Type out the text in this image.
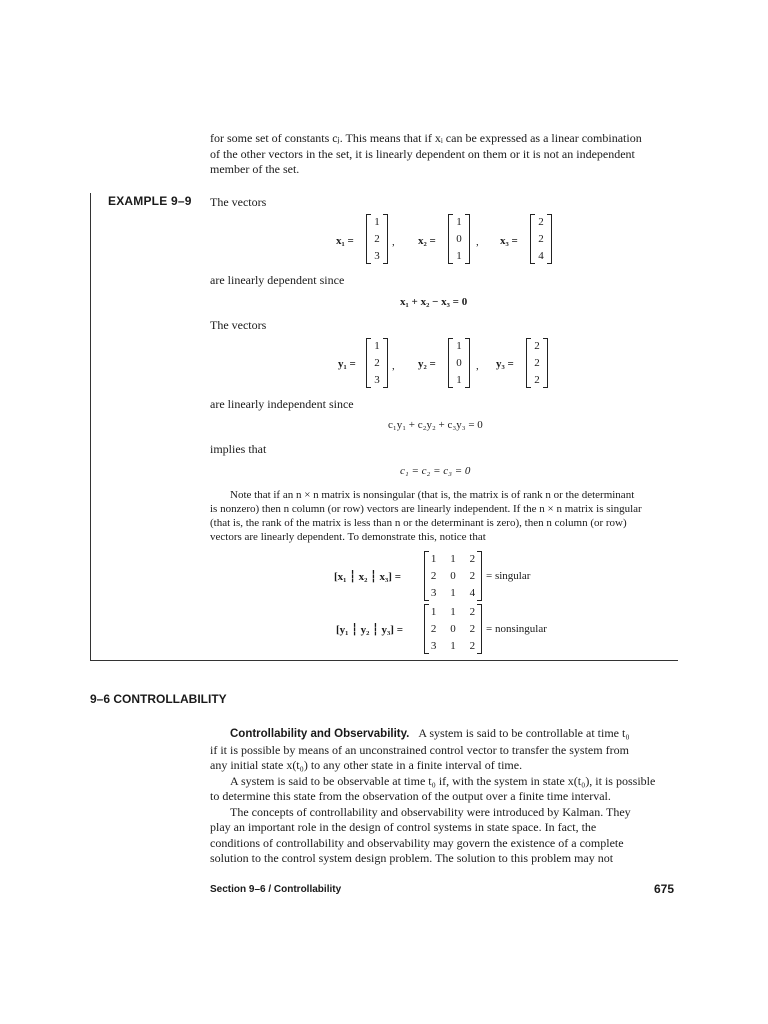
for some set of constants cⱼ. This means that if xᵢ can be expressed as a linear combination
of the other vectors in the set, it is linearly dependent on them or it is not an independent
member of the set.
EXAMPLE 9–9 The vectors
x₁ =
1
2
3
, x₂ =
1
0
1
, x₃ =
2
2
4
are linearly dependent since
x₁ + x₂ − x₃ = 0
The vectors
y₁ =
1
2
3
, y₂ =
1
0
1
, y₃ =
2
2
2
are linearly independent since
c₁y₁ + c₂y₂ + c₃y₃ = 0
implies that
c₁ = c₂ = c₃ = 0
Note that if an n × n matrix is nonsingular (that is, the matrix is of rank n or the determinant
is nonzero) then n column (or row) vectors are linearly independent. If the n × n matrix is singular
(that is, the rank of the matrix is less than n or the determinant is zero), then n column (or row)
vectors are linearly dependent. To demonstrate this, notice that
[x₁ ┆ x₂ ┆ x₃] =
1	1	2
2	0	2
3	1	4
= singular
[y₁ ┆ y₂ ┆ y₃] =
1	1	2
2	0	2
3	1	2
= nonsingular
9–6 CONTROLLABILITY
Controllability and Observability. A system is said to be controllable at time t₀
if it is possible by means of an unconstrained control vector to transfer the system from
any initial state x(t₀) to any other state in a finite interval of time.
A system is said to be observable at time t₀ if, with the system in state x(t₀), it is possible
to determine this state from the observation of the output over a finite time interval.
The concepts of controllability and observability were introduced by Kalman. They
play an important role in the design of control systems in state space. In fact, the
conditions of controllability and observability may govern the existence of a complete
solution to the control system design problem. The solution to this problem may not
Section 9–6 / Controllability	675
